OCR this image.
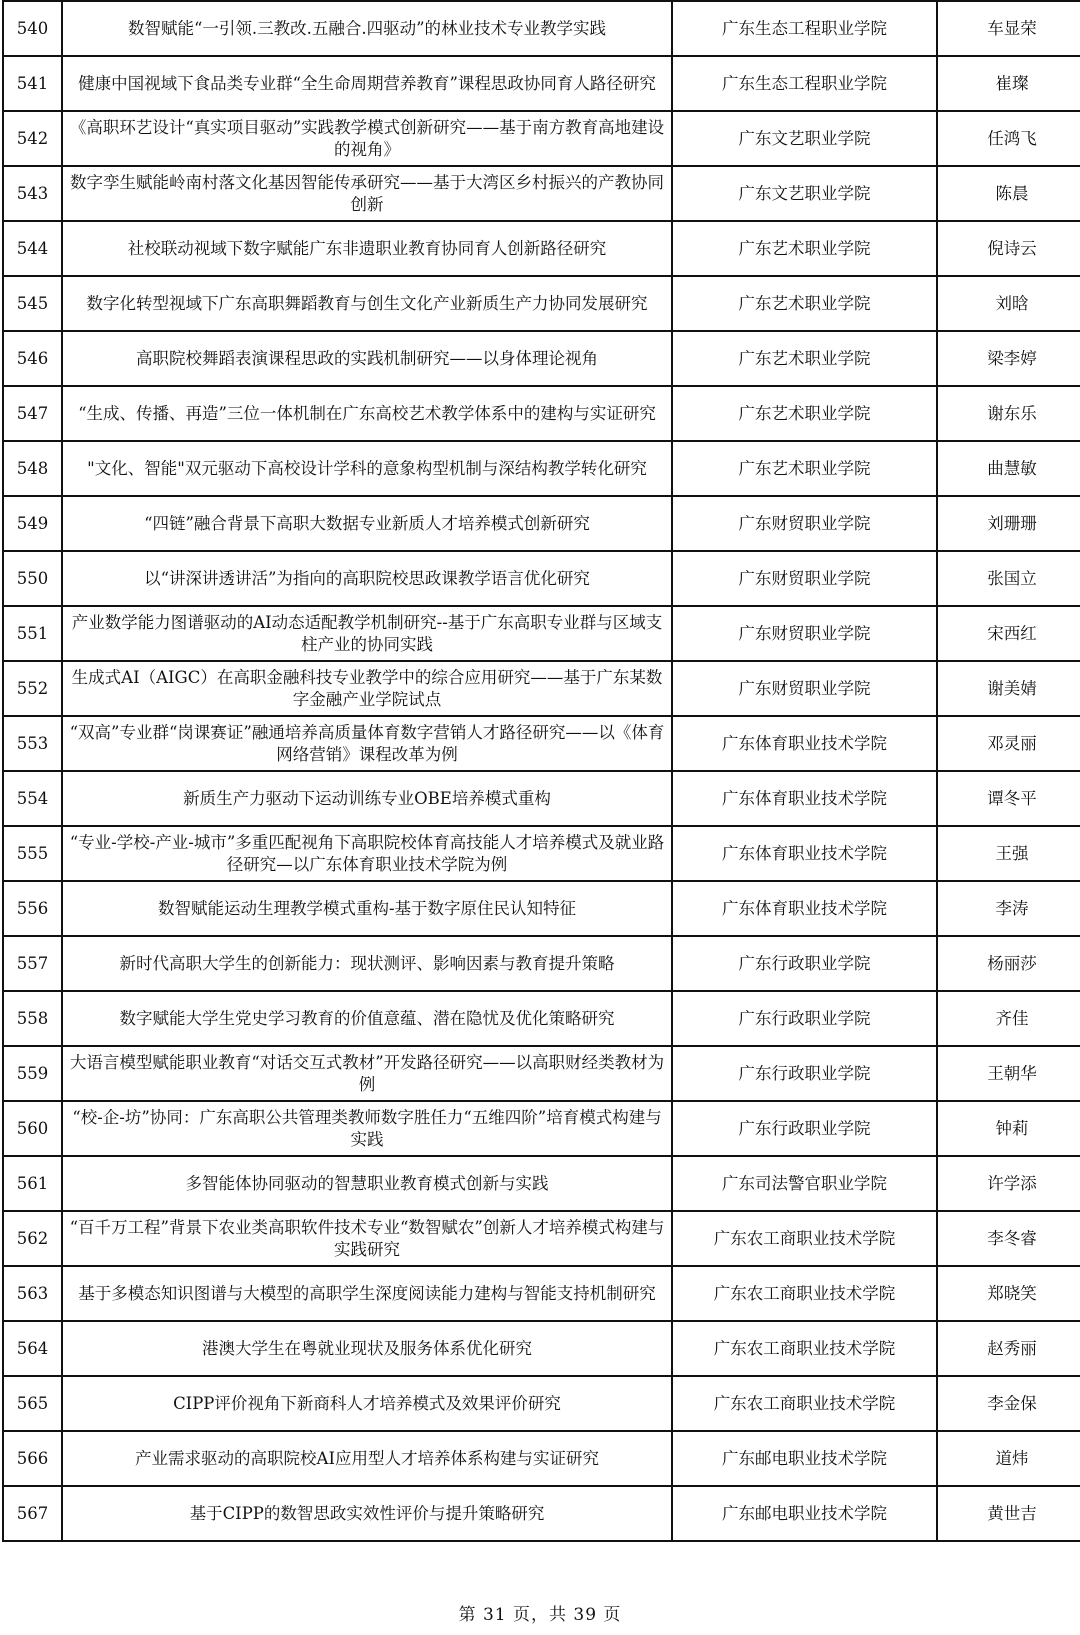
540	数智赋能“一引领.三教改.五融合.四驱动”的林业技术专业教学实践	广东生态工程职业学院	车显荣
541	健康中国视域下食品类专业群“全生命周期营养教育”课程思政协同育人路径研究	广东生态工程职业学院	崔璨
542	《高职环艺设计“真实项目驱动”实践教学模式创新研究——基于南方教育高地建设的视角》	广东文艺职业学院	任鸿飞
543	数字孪生赋能岭南村落文化基因智能传承研究——基于大湾区乡村振兴的产教协同创新	广东文艺职业学院	陈晨
544	社校联动视域下数字赋能广东非遗职业教育协同育人创新路径研究	广东艺术职业学院	倪诗云
545	数字化转型视域下广东高职舞蹈教育与创生文化产业新质生产力协同发展研究	广东艺术职业学院	刘晗
546	高职院校舞蹈表演课程思政的实践机制研究——以身体理论视角	广东艺术职业学院	梁李婷
547	“生成、传播、再造”三位一体机制在广东高校艺术教学体系中的建构与实证研究	广东艺术职业学院	谢东乐
548	"文化、智能"双元驱动下高校设计学科的意象构型机制与深结构教学转化研究	广东艺术职业学院	曲慧敏
549	“四链”融合背景下高职大数据专业新质人才培养模式创新研究	广东财贸职业学院	刘珊珊
550	以“讲深讲透讲活”为指向的高职院校思政课教学语言优化研究	广东财贸职业学院	张国立
551	产业数学能力图谱驱动的AI动态适配教学机制研究--基于广东高职专业群与区域支柱产业的协同实践	广东财贸职业学院	宋西红
552	生成式AI（AIGC）在高职金融科技专业教学中的综合应用研究——基于广东某数字金融产业学院试点	广东财贸职业学院	谢美婧
553	“双高”专业群“岗课赛证”融通培养高质量体育数字营销人才路径研究——以《体育网络营销》课程改革为例	广东体育职业技术学院	邓灵丽
554	新质生产力驱动下运动训练专业OBE培养模式重构	广东体育职业技术学院	谭冬平
555	“专业-学校-产业-城市”多重匹配视角下高职院校体育高技能人才培养模式及就业路径研究—以广东体育职业技术学院为例	广东体育职业技术学院	王强
556	数智赋能运动生理教学模式重构-基于数字原住民认知特征	广东体育职业技术学院	李涛
557	新时代高职大学生的创新能力：现状测评、影响因素与教育提升策略	广东行政职业学院	杨丽莎
558	数字赋能大学生党史学习教育的价值意蕴、潜在隐忧及优化策略研究	广东行政职业学院	齐佳
559	大语言模型赋能职业教育“对话交互式教材”开发路径研究——以高职财经类教材为例	广东行政职业学院	王朝华
560	“校-企-坊”协同：广东高职公共管理类教师数字胜任力“五维四阶”培育模式构建与实践	广东行政职业学院	钟莉
561	多智能体协同驱动的智慧职业教育模式创新与实践	广东司法警官职业学院	许学添
562	“百千万工程”背景下农业类高职软件技术专业“数智赋农”创新人才培养模式构建与实践研究	广东农工商职业技术学院	李冬睿
563	基于多模态知识图谱与大模型的高职学生深度阅读能力建构与智能支持机制研究	广东农工商职业技术学院	郑晓笑
564	港澳大学生在粤就业现状及服务体系优化研究	广东农工商职业技术学院	赵秀丽
565	CIPP评价视角下新商科人才培养模式及效果评价研究	广东农工商职业技术学院	李金保
566	产业需求驱动的高职院校AI应用型人才培养体系构建与实证研究	广东邮电职业技术学院	道炜
567	基于CIPP的数智思政实效性评价与提升策略研究	广东邮电职业技术学院	黄世吉
第 31 页，共 39 页
